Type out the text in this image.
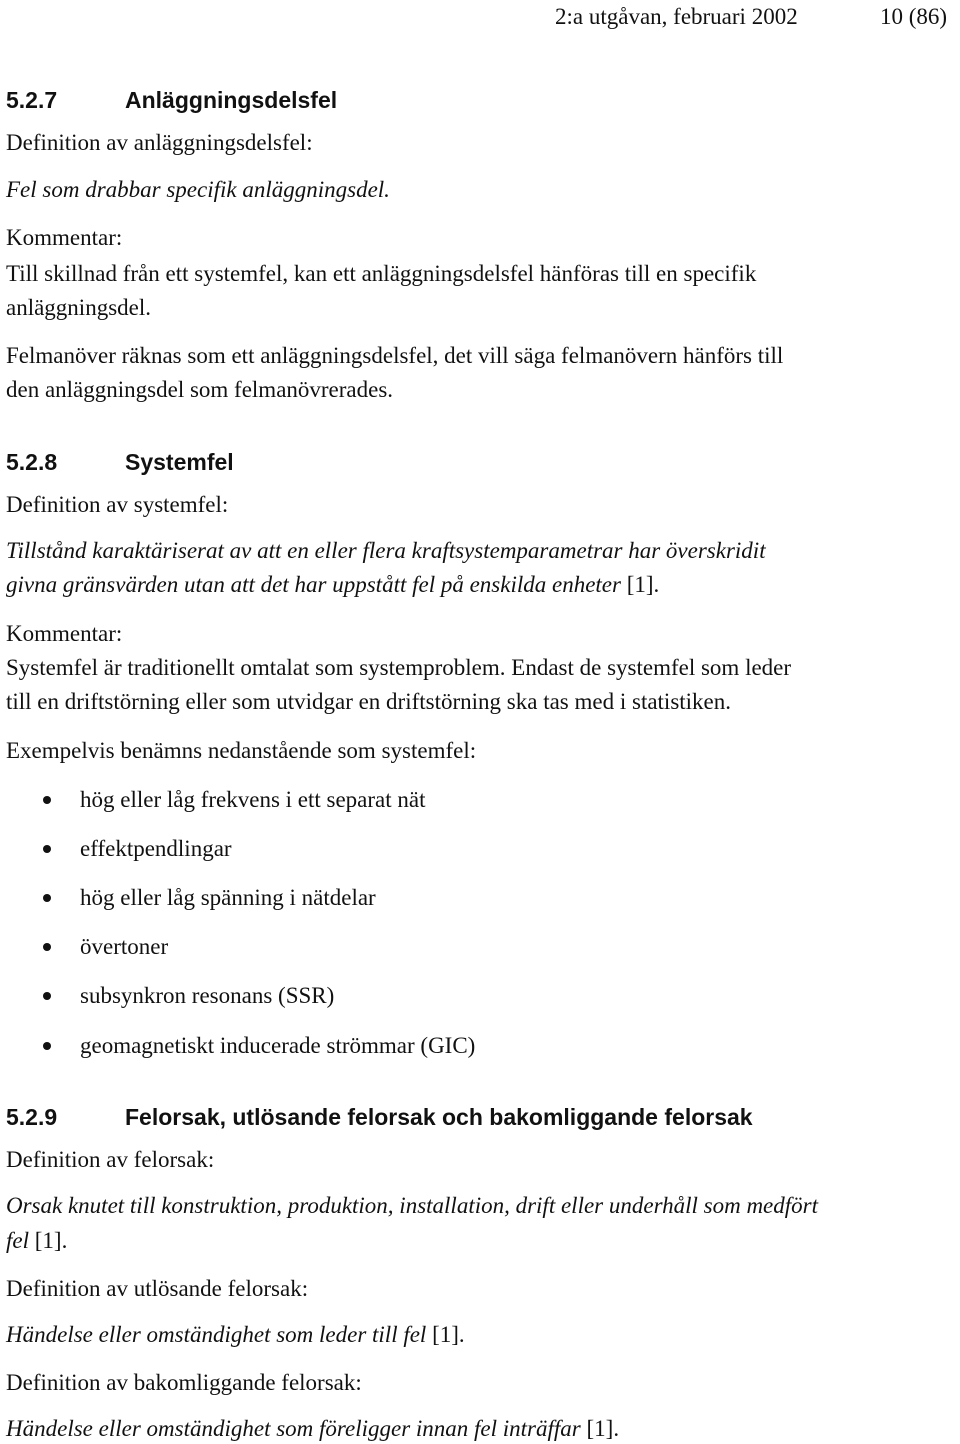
2:a utgåvan, februari 2002	10 (86)
5.2.7	Anläggningsdelsfel
Definition av anläggningsdelsfel:
Fel som drabbar specifik anläggningsdel.
Kommentar:
Till skillnad från ett systemfel, kan ett anläggningsdelsfel hänföras till en specifik
anläggningsdel.
Felmanöver räknas som ett anläggningsdelsfel, det vill säga felmanövern hänförs till
den anläggningsdel som felmanövrerades.
5.2.8	Systemfel
Definition av systemfel:
Tillstånd karaktäriserat av att en eller flera kraftsystemparametrar har överskridit
givna gränsvärden utan att det har uppstått fel på enskilda enheter [1].
Kommentar:
Systemfel är traditionellt omtalat som systemproblem. Endast de systemfel som leder
till en driftstörning eller som utvidgar en driftstörning ska tas med i statistiken.
Exempelvis benämns nedanstående som systemfel:
hög eller låg frekvens i ett separat nät
effektpendlingar
hög eller låg spänning i nätdelar
övertoner
subsynkron resonans (SSR)
geomagnetiskt inducerade strömmar (GIC)
5.2.9	Felorsak, utlösande felorsak och bakomliggande felorsak
Definition av felorsak:
Orsak knutet till konstruktion, produktion, installation, drift eller underhåll som medfört
fel [1].
Definition av utlösande felorsak:
Händelse eller omständighet som leder till fel [1].
Definition av bakomliggande felorsak:
Händelse eller omständighet som föreligger innan fel inträffar [1].
